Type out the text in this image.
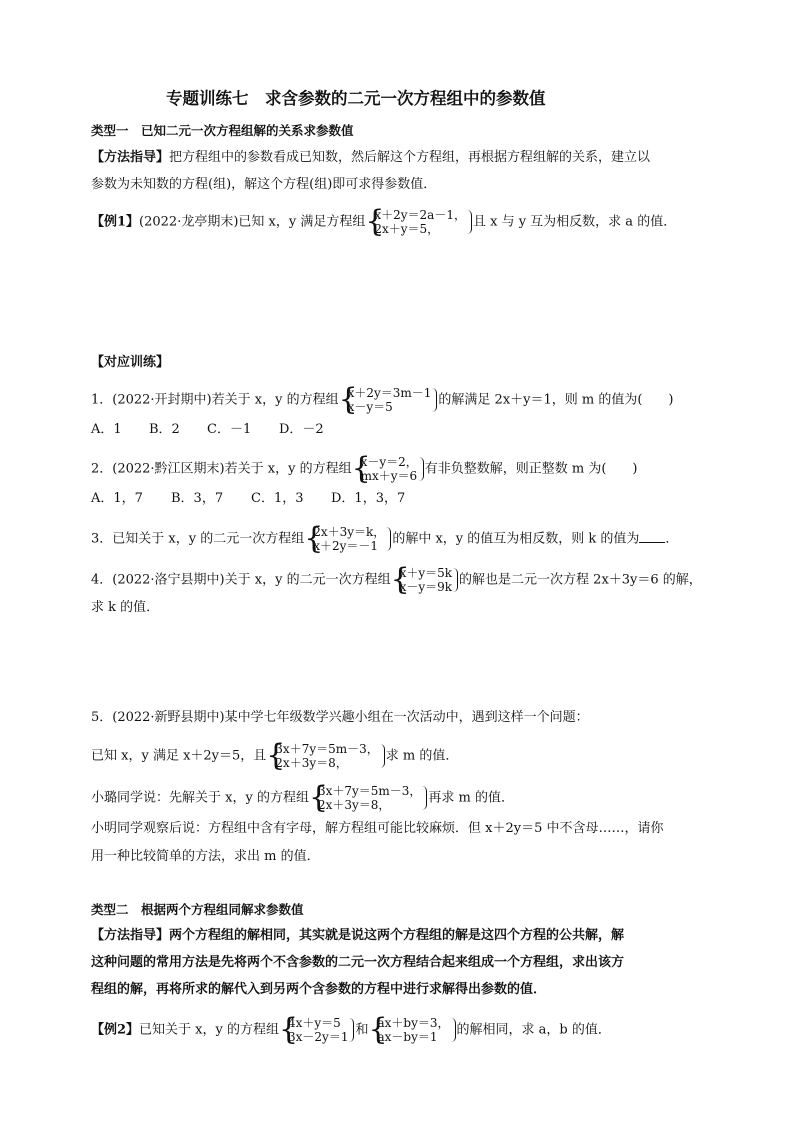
专题训练七　求含参数的二元一次方程组中的参数值
类型一　已知二元一次方程组解的关系求参数值
【方法指导】把方程组中的参数看成已知数，然后解这个方程组，再根据方程组解的关系，建立以
参数为未知数的方程(组)，解这个方程(组)即可求得参数值．
【例1】(2022·龙亭期末)已知 x，y 满足方程组 { x＋2y＝2a－1，
2x＋y＝5，	且 x 与 y 互为相反数，求 a 的值．
【对应训练】
1．(2022·开封期中)若关于 x，y 的方程组 { x＋2y＝3m－1
x－y＝5	的解满足 2x＋y＝1，则 m 的值为(　　)
A．1 B．2 C．－1 D．－2
2．(2022·黔江区期末)若关于 x，y 的方程组 { x－y＝2，
mx＋y＝6 有非负整数解，则正整数 m 为(　　)
A．1，7 B．3，7 C．1，3 D．1，3，7
3．已知关于 x，y 的二元一次方程组 { 2x＋3y＝k，
x＋2y＝－1	的解中 x，y 的值互为相反数，则 k 的值为 ．
4．(2022·洛宁县期中)关于 x，y 的二元一次方程组 { x＋y＝5k
x－y＝9k 的解也是二元一次方程 2x＋3y＝6 的解，
求 k 的值．
5．(2022·新野县期中)某中学七年级数学兴趣小组在一次活动中，遇到这样一个问题：
已知 x，y 满足 x＋2y＝5，且 { 3x＋7y＝5m－3，
2x＋3y＝8，	求 m 的值．
小璐同学说：先解关于 x，y 的方程组 { 3x＋7y＝5m－3，
2x＋3y＝8，	再求 m 的值．
小明同学观察后说：方程组中含有字母，解方程组可能比较麻烦．但 x＋2y＝5 中不含母……，请你
用一种比较简单的方法，求出 m 的值．
类型二　根据两个方程组同解求参数值
【方法指导】两个方程组的解相同，其实就是说这两个方程组的解是这四个方程的公共解，解
这种问题的常用方法是先将两个不含参数的二元一次方程结合起来组成一个方程组，求出该方
程组的解，再将所求的解代入到另两个含参数的方程中进行求解得出参数的值．
【例2】已知关于 x，y 的方程组 { 4x＋y＝5
3x－2y＝1 和 { ax＋by＝3，
ax－by＝1	的解相同，求 a，b 的值．
